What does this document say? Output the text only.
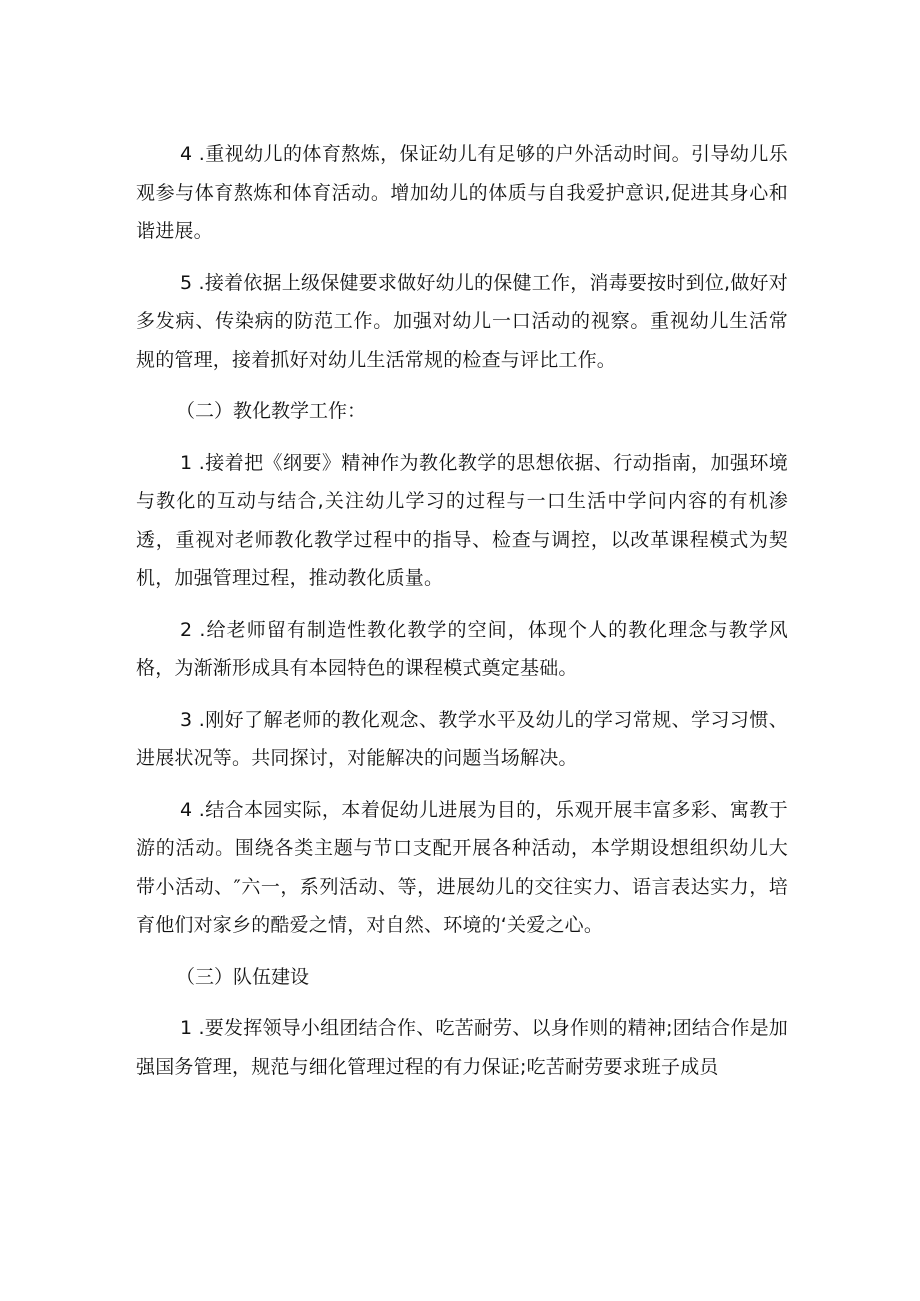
4 .重视幼儿的体育熬炼，保证幼儿有足够的户外活动时间。引导幼儿乐观参与体育熬炼和体育活动。增加幼儿的体质与自我爱护意识,促进其身心和谐进展。

5 .接着依据上级保健要求做好幼儿的保健工作，消毒要按时到位,做好对多发病、传染病的防范工作。加强对幼儿一口活动的视察。重视幼儿生活常规的管理，接着抓好对幼儿生活常规的检查与评比工作。

（二）教化教学工作：

1 .接着把《纲要》精神作为教化教学的思想依据、行动指南，加强环境与教化的互动与结合,关注幼儿学习的过程与一口生活中学问内容的有机渗透，重视对老师教化教学过程中的指导、检查与调控，以改革课程模式为契机，加强管理过程，推动教化质量。

2 .给老师留有制造性教化教学的空间，体现个人的教化理念与教学风格，为渐渐形成具有本园特色的课程模式奠定基础。

3 .刚好了解老师的教化观念、教学水平及幼儿的学习常规、学习习惯、进展状况等。共同探讨，对能解决的问题当场解决。

4 .结合本园实际，本着促幼儿进展为目的，乐观开展丰富多彩、寓教于游的活动。围绕各类主题与节口支配开展各种活动，本学期设想组织幼儿大带小活动、″六一，系列活动、等，进展幼儿的交往实力、语言表达实力，培育他们对家乡的酷爱之情，对自然、环境的‘关爱之心。

（三）队伍建设

1 .要发挥领导小组团结合作、吃苦耐劳、以身作则的精神;团结合作是加强国务管理，规范与细化管理过程的有力保证;吃苦耐劳要求班子成员
